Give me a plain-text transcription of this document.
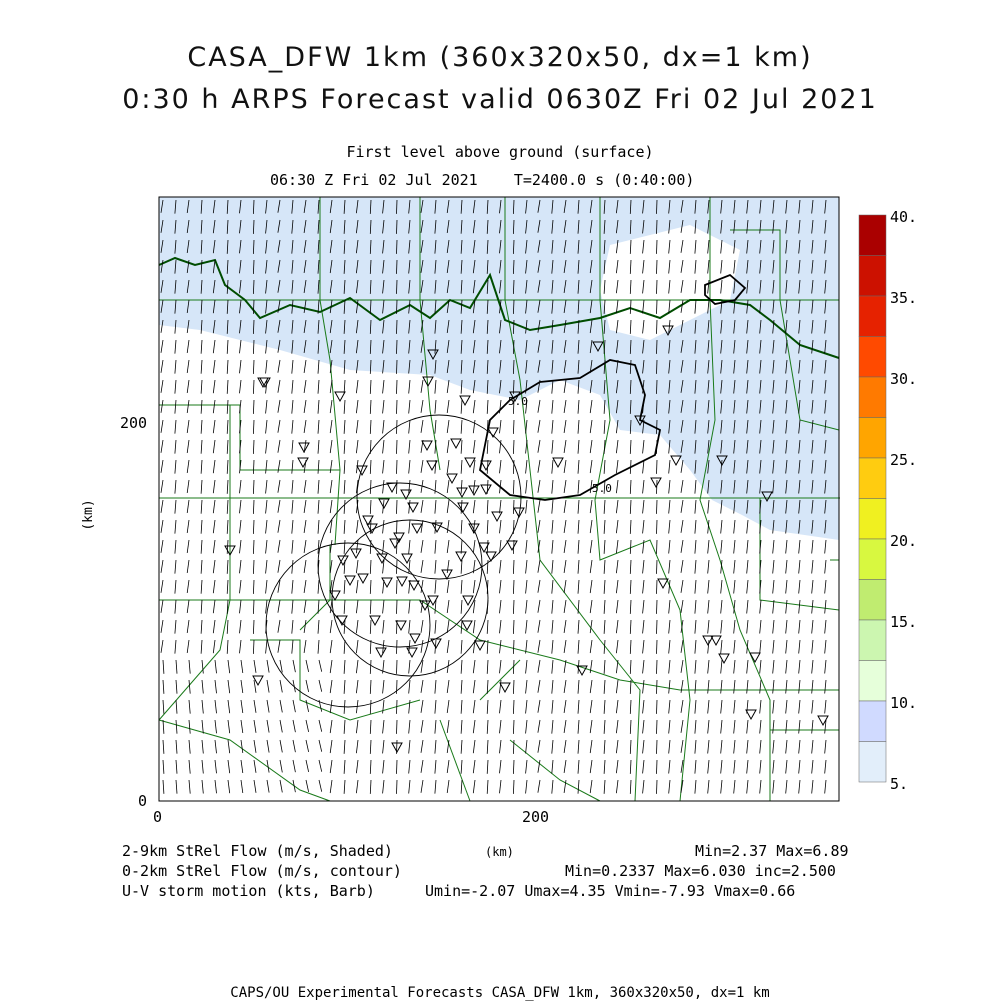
CASA_DFW 1km (360x320x50, dx=1 km)
0:30 h ARPS Forecast valid 0630Z Fri 02 Jul 2021
First level above ground (surface)
06:30 Z Fri 02 Jul 2021    T=2400.0 s (0:40:00)
5.0
5.0
0	200
0
200
(km)
40.
35.
30.
25.
20.
15.
10.
5.
2-9km StRel Flow (m/s, Shaded)	(km)	Min=2.37 Max=6.89
0-2km StRel Flow (m/s, contour)	Min=0.2337 Max=6.030 inc=2.500
U-V storm motion (kts, Barb)	Umin=-2.07 Umax=4.35 Vmin=-7.93 Vmax=0.66
CAPS/OU Experimental Forecasts CASA_DFW 1km, 360x320x50, dx=1 km
